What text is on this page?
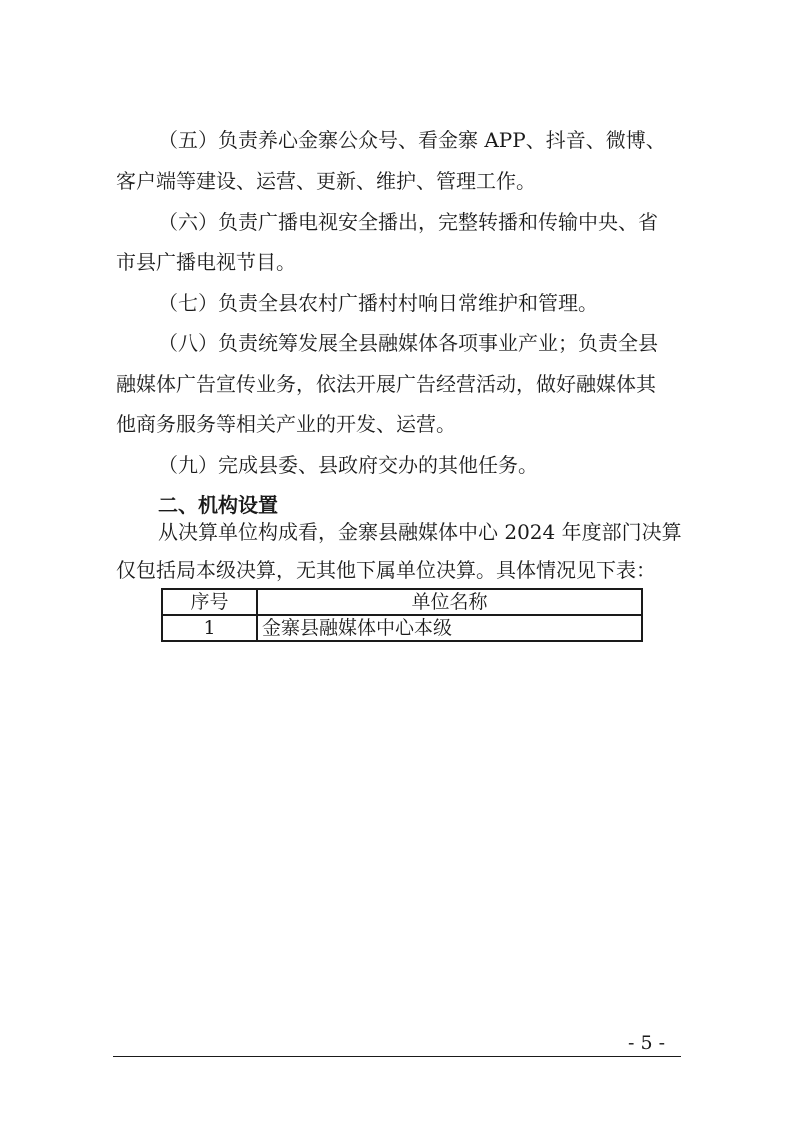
（五）负责养心金寨公众号、看金寨 APP、抖音、微博、
客户端等建设、运营、更新、维护、管理工作。
（六）负责广播电视安全播出，完整转播和传输中央、省
市县广播电视节目。
（七）负责全县农村广播村村响日常维护和管理。
（八）负责统筹发展全县融媒体各项事业产业；负责全县
融媒体广告宣传业务，依法开展广告经营活动，做好融媒体其
他商务服务等相关产业的开发、运营。
（九）完成县委、县政府交办的其他任务。
二、机构设置
从决算单位构成看，金寨县融媒体中心 2024 年度部门决算
仅包括局本级决算，无其他下属单位决算。具体情况见下表：
序号	单位名称
1	金寨县融媒体中心本级
- 5 -
